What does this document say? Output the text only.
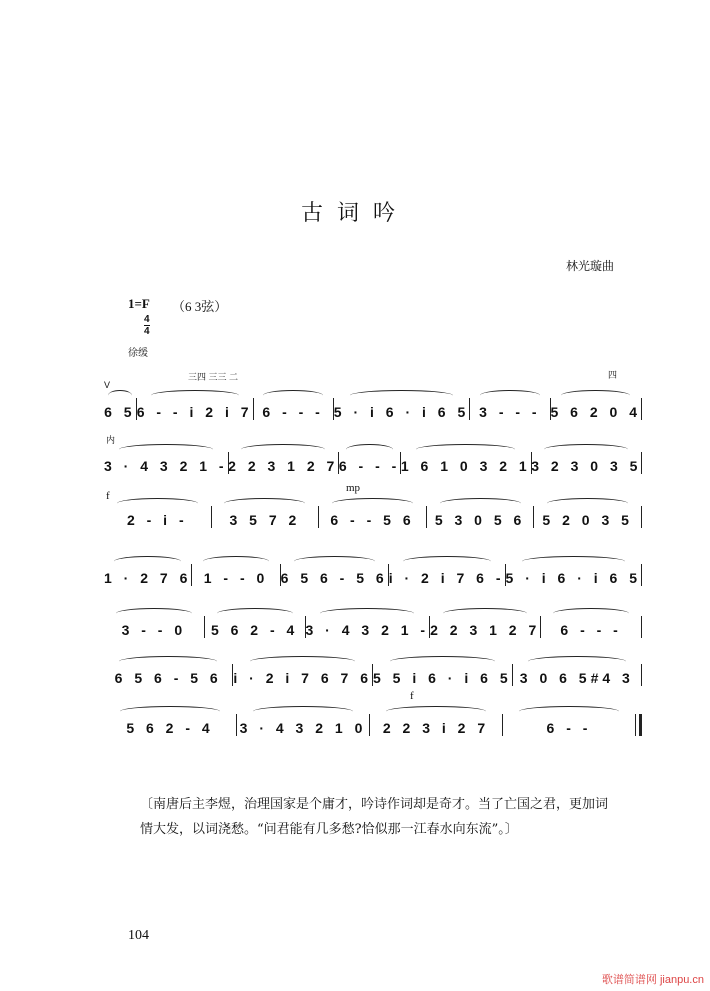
古词吟
林光璇曲
1=F （6 3弦）
4
4
徐缓
V
三四 三三 二	四
内
f
mp
f
6 5 6 - - i 2 i 7 6 - - - 5 · i 6 · i 6 5 3 - - - 5 6 2 0 4
3 · 4 3 2 1 - 2 2 3 1 2 7 6 - - - 1 6 1 0 3 2 1 3 2 3 0 3 5
2 - i -	3 5 7 2	6 - - 5 6	5 3 0 5 6	5 2 0 3 5
1 · 2 7 6 1 - - 0 6 5 6 - 5 6 i · 2 i 7 6 - 5 · i 6 · i 6 5
3 - - 0	5 6 2 - 4 3 · 4 3 2 1 - 2 2 3 1 2 7	6 - - -
6 5 6 - 5 6 i · 2 i 7 6 7 6 5 5 i 6 · i 6 5 3 0 6 5#4 3
5 6 2 - 4	3 · 4 3 2 1 0	2 2 3 i 2 7	6 - -
〔南唐后主李煜，治理国家是个庸才，吟诗作词却是奇才。当了亡国之君，更加词
情大发，以词浇愁。“问君能有几多愁?恰似那一江春水向东流”。〕
104
歌谱简谱网 jianpu.cn
